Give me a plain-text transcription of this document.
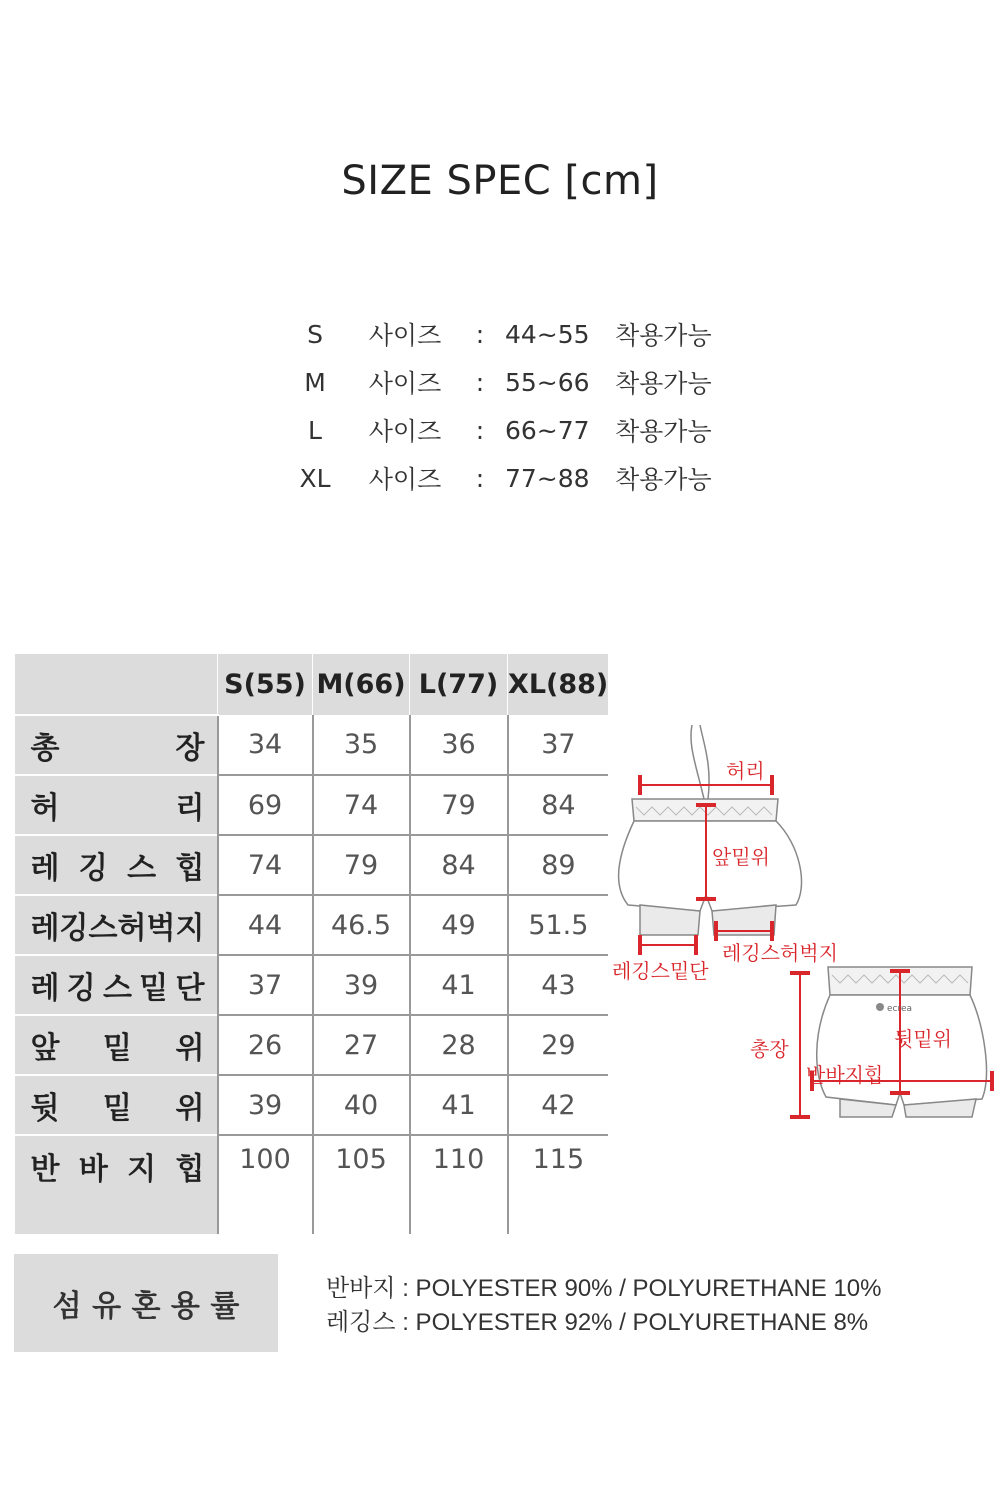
SIZE SPEC [cm]
S	사이즈	: 44~55	착용가능
M	사이즈	: 55~66	착용가능
L	사이즈	: 66~77	착용가능
XL	사이즈	: 77~88	착용가능
	S(55)	M(66)	L(77)	XL(88)

총 장	34	35	36	37

허 리	69	74	79	84

레 깅 스 힙	74	79	84	89

레깅스허벅지	44	46.5	49	51.5

레 깅 스 밑 단	37	39	41	43

앞 밑 위	26	27	28	29

뒷 밑 위	39	40	41	42

반 바 지 힙	100	105	110	115
ecrea
허리
앞밑위
레깅스허벅지
레깅스밑단
총장	뒷밑위
반바지힙
섬 유 혼 용 률
반바지 : POLYESTER 90% / POLYURETHANE 10%
레깅스 : POLYESTER 92% / POLYURETHANE 8%
